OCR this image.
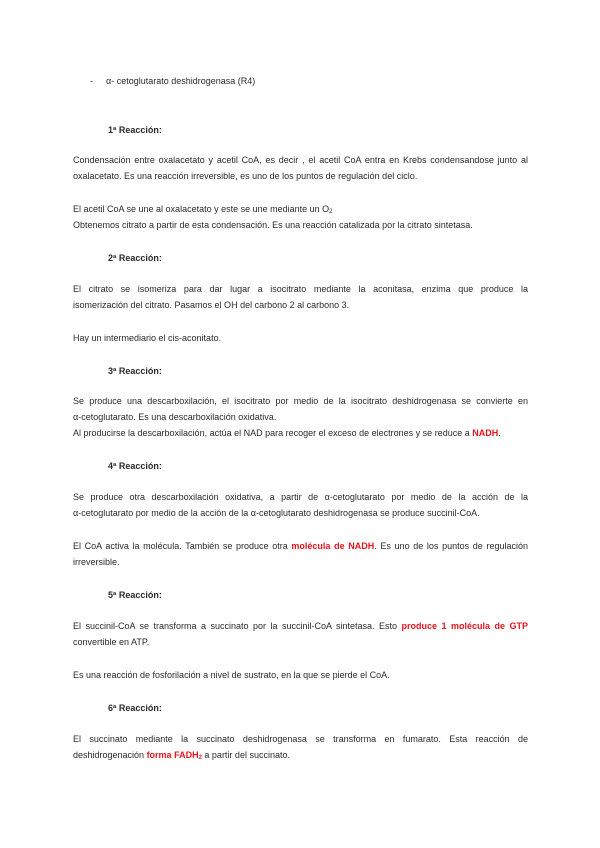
- α- cetoglutarato deshidrogenasa (R4)
1ª Reacción:
Condensación entre oxalacetato y acetil CoA, es decir , el acetil CoA entra en Krebs condensandose junto al
oxalacetato. Es una reacción irreversible, es uno de los puntos de regulación del ciclo.
El acetil CoA se une al oxalacetato y este se une mediante un $O_2$
Obtenemos citrato a partir de esta condensación. Es una reacción catalizada por la citrato sintetasa.
2ª Reacción:
El citrato se isomeriza para dar lugar a isocitrato mediante la aconitasa, enzima que produce la
isomerización del citrato. Pasamos el OH del carbono 2 al carbono 3.
Hay un intermediario el cis-aconitato.
3ª Reacción:
Se produce una descarboxilación, el isocitrato por medio de la isocitrato deshidrogenasa se convierte en
α-cetoglutarato. Es una descarboxilación oxidativa.
Al producirse la descarboxilación, actúa el NAD para recoger el exceso de electrones y se reduce a NADH.
4ª Reacción:
Se produce otra descarboxilación oxidativa, a partir de α-cetoglutarato por medio de la acción de la
α-cetoglutarato por medio de la acción de la α-cetoglutarato deshidrogenasa se produce succinil-CoA.
El CoA activa la molécula. También se produce otra molécula de NADH. Es uno de los puntos de regulación
irreversible.
5ª Reacción:
El succinil-CoA se transforma a succinato por la succinil-CoA sintetasa. Esto produce 1 molécula de GTP
convertible en ATP.
Es una reacción de fosforilación a nivel de sustrato, en la que se pierde el CoA.
6ª Reacción:
El succinato mediante la succinato deshidrogenasa se transforma en fumarato. Esta reacción de
deshidrogenación forma $FADH_2$ a partir del succinato.
